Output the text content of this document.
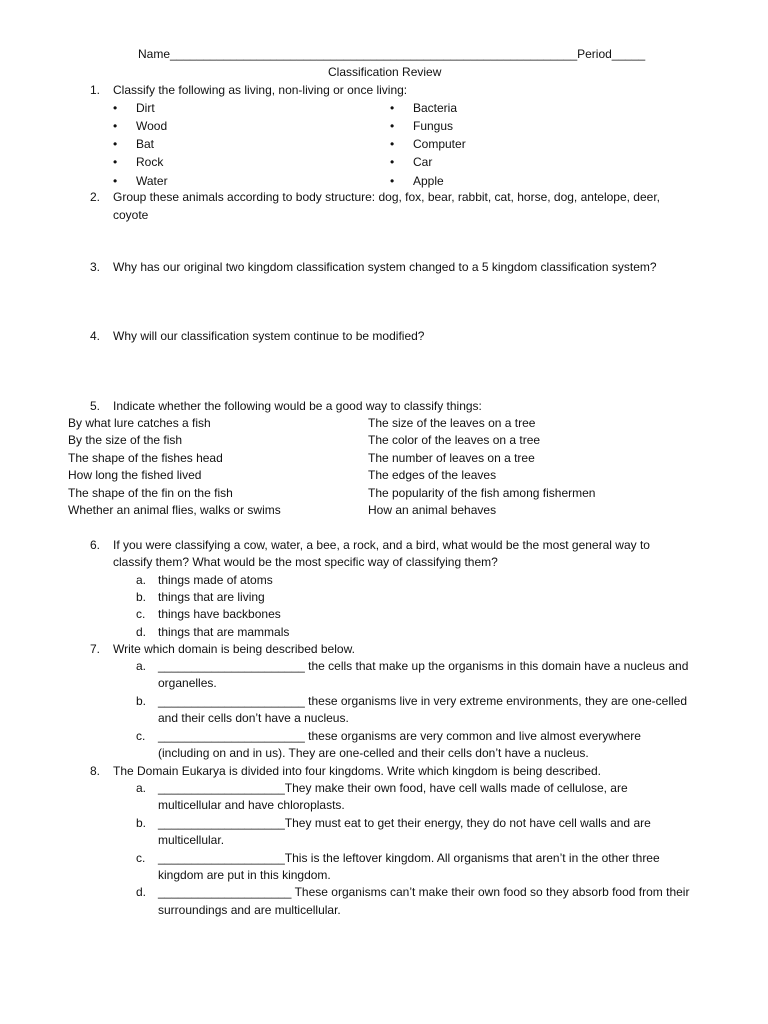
Name_____________________________________________________________Period_____
Classification Review
1. Classify the following as living, non-living or once living:
• Dirt
• Wood
• Bat
• Rock
• Water
• Bacteria
• Fungus
• Computer
• Car
• Apple
2. Group these animals according to body structure: dog, fox, bear, rabbit, cat, horse, dog, antelope, deer,
coyote
3. Why has our original two kingdom classification system changed to a 5 kingdom classification system?
4. Why will our classification system continue to be modified?
5. Indicate whether the following would be a good way to classify things:
By what lure catches a fish
By the size of the fish
The shape of the fishes head
How long the fished lived
The shape of the fin on the fish
Whether an animal flies, walks or swims
The size of the leaves on a tree
The color of the leaves on a tree
The number of leaves on a tree
The edges of the leaves
The popularity of the fish among fishermen
How an animal behaves
6. If you were classifying a cow, water, a bee, a rock, and a bird, what would be the most general way to
classify them? What would be the most specific way of classifying them?
a. things made of atoms
b. things that are living
c. things have backbones
d. things that are mammals
7. Write which domain is being described below.
a. ______________________ the cells that make up the organisms in this domain have a nucleus and
organelles.
b. ______________________ these organisms live in very extreme environments, they are one-celled
and their cells don’t have a nucleus.
c. ______________________ these organisms are very common and live almost everywhere
(including on and in us). They are one-celled and their cells don’t have a nucleus.
8. The Domain Eukarya is divided into four kingdoms. Write which kingdom is being described.
a. ___________________They make their own food, have cell walls made of cellulose, are
multicellular and have chloroplasts.
b. ___________________They must eat to get their energy, they do not have cell walls and are
multicellular.
c. ___________________This is the leftover kingdom. All organisms that aren’t in the other three
kingdom are put in this kingdom.
d. ____________________ These organisms can’t make their own food so they absorb food from their
surroundings and are multicellular.
